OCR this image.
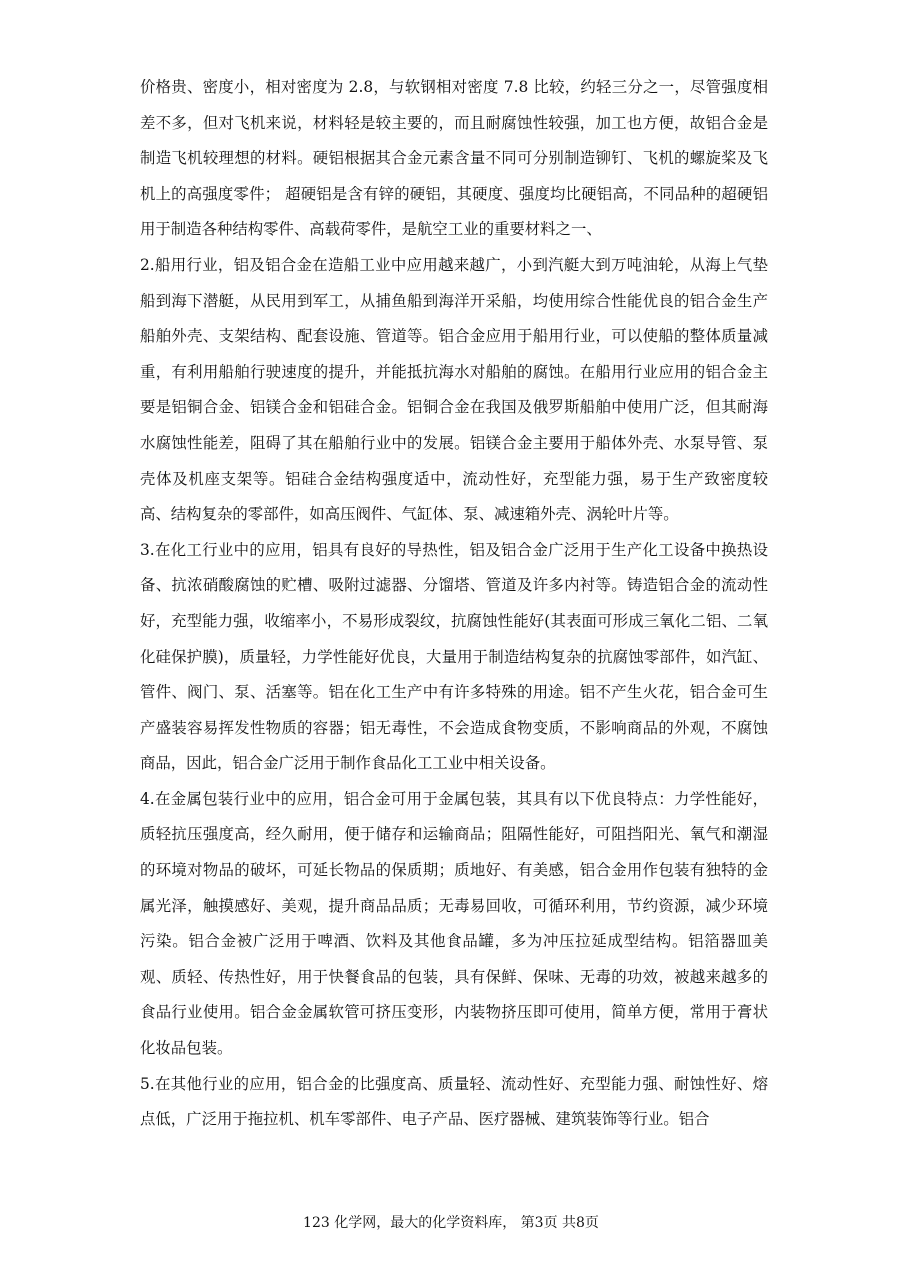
价格贵、密度小，相对密度为 2.8，与软钢相对密度 7.8 比较，约轻三分之一，尽管强度相差不多，但对飞机来说，材料轻是较主要的，而且耐腐蚀性较强，加工也方便，故铝合金是制造飞机较理想的材料。硬铝根据其合金元素含量不同可分别制造铆钉、飞机的螺旋桨及飞机上的高强度零件； 超硬铝是含有锌的硬铝，其硬度、强度均比硬铝高，不同品种的超硬铝用于制造各种结构零件、高载荷零件，是航空工业的重要材料之一、

2.船用行业，铝及铝合金在造船工业中应用越来越广，小到汽艇大到万吨油轮，从海上气垫船到海下潜艇，从民用到军工，从捕鱼船到海洋开采船，均使用综合性能优良的铝合金生产船舶外壳、支架结构、配套设施、管道等。铝合金应用于船用行业，可以使船的整体质量减重，有利用船舶行驶速度的提升，并能抵抗海水对船舶的腐蚀。在船用行业应用的铝合金主要是铝铜合金、铝镁合金和铝硅合金。铝铜合金在我国及俄罗斯船舶中使用广泛，但其耐海水腐蚀性能差，阻碍了其在船舶行业中的发展。铝镁合金主要用于船体外壳、水泵导管、泵壳体及机座支架等。铝硅合金结构强度适中，流动性好，充型能力强，易于生产致密度较高、结构复杂的零部件，如高压阀件、气缸体、泵、减速箱外壳、涡轮叶片等。

3.在化工行业中的应用，铝具有良好的导热性，铝及铝合金广泛用于生产化工设备中换热设备、抗浓硝酸腐蚀的贮槽、吸附过滤器、分馏塔、管道及许多内衬等。铸造铝合金的流动性好，充型能力强，收缩率小，不易形成裂纹，抗腐蚀性能好(其表面可形成三氧化二铝、二氧化硅保护膜)，质量轻，力学性能好优良，大量用于制造结构复杂的抗腐蚀零部件，如汽缸、管件、阀门、泵、活塞等。铝在化工生产中有许多特殊的用途。铝不产生火花，铝合金可生产盛装容易挥发性物质的容器；铝无毒性，不会造成食物变质，不影响商品的外观，不腐蚀商品，因此，铝合金广泛用于制作食品化工工业中相关设备。

4.在金属包装行业中的应用，铝合金可用于金属包装，其具有以下优良特点：力学性能好，质轻抗压强度高，经久耐用，便于储存和运输商品；阻隔性能好，可阻挡阳光、氧气和潮湿的环境对物品的破坏，可延长物品的保质期；质地好、有美感，铝合金用作包装有独特的金属光泽，触摸感好、美观，提升商品品质；无毒易回收，可循环利用，节约资源，减少环境污染。铝合金被广泛用于啤酒、饮料及其他食品罐，多为冲压拉延成型结构。铝箔器皿美观、质轻、传热性好，用于快餐食品的包装，具有保鲜、保味、无毒的功效，被越来越多的食品行业使用。铝合金金属软管可挤压变形，内装物挤压即可使用，简单方便，常用于膏状化妆品包装。

5.在其他行业的应用，铝合金的比强度高、质量轻、流动性好、充型能力强、耐蚀性好、熔点低，广泛用于拖拉机、机车零部件、电子产品、医疗器械、建筑装饰等行业。铝合

123 化学网，最大的化学资料库， 第3页 共8页
